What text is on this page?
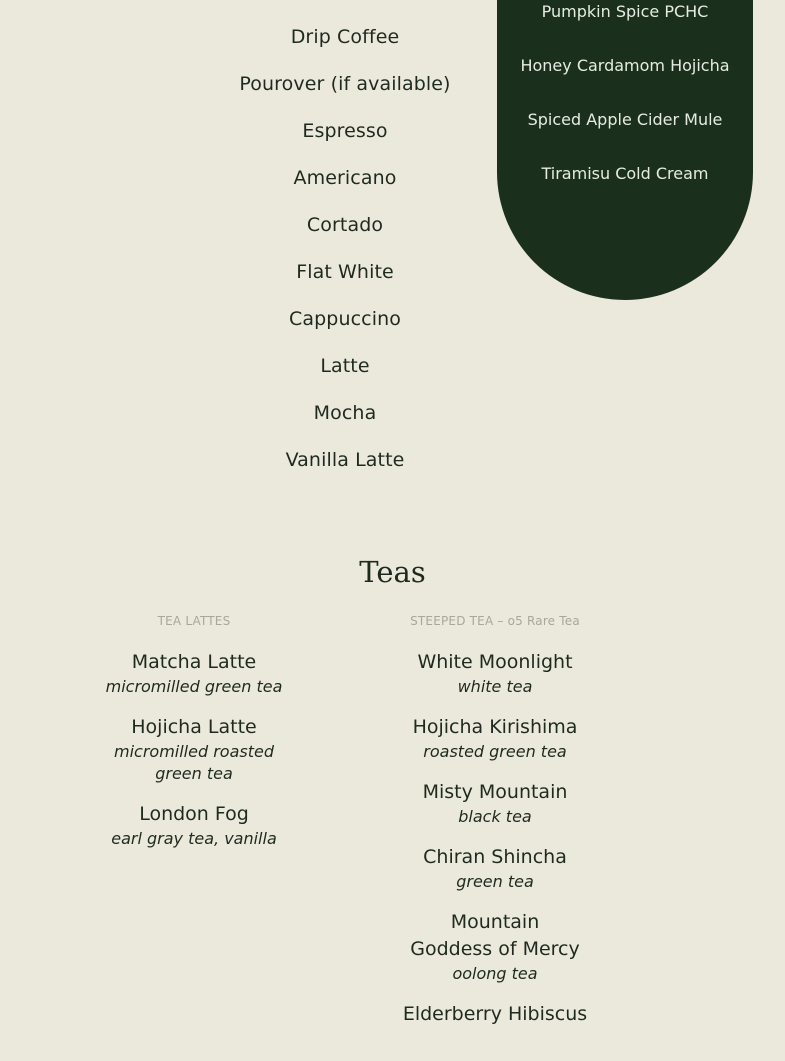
Drip Coffee
Pourover (if available)
Espresso
Americano
Cortado
Flat White
Cappuccino
Latte
Mocha
Vanilla Latte
Pumpkin Spice PCHC
Honey Cardamom Hojicha
Spiced Apple Cider Mule
Tiramisu Cold Cream
Teas
TEA LATTES
Matcha Latte
micromilled green tea
Hojicha Latte
micromilled roasted green tea
London Fog
earl gray tea, vanilla
STEEPED TEA – o5 Rare Tea
White Moonlight
white tea
Hojicha Kirishima
roasted green tea
Misty Mountain
black tea
Chiran Shincha
green tea
Mountain Goddess of Mercy
oolong tea
Elderberry Hibiscus
